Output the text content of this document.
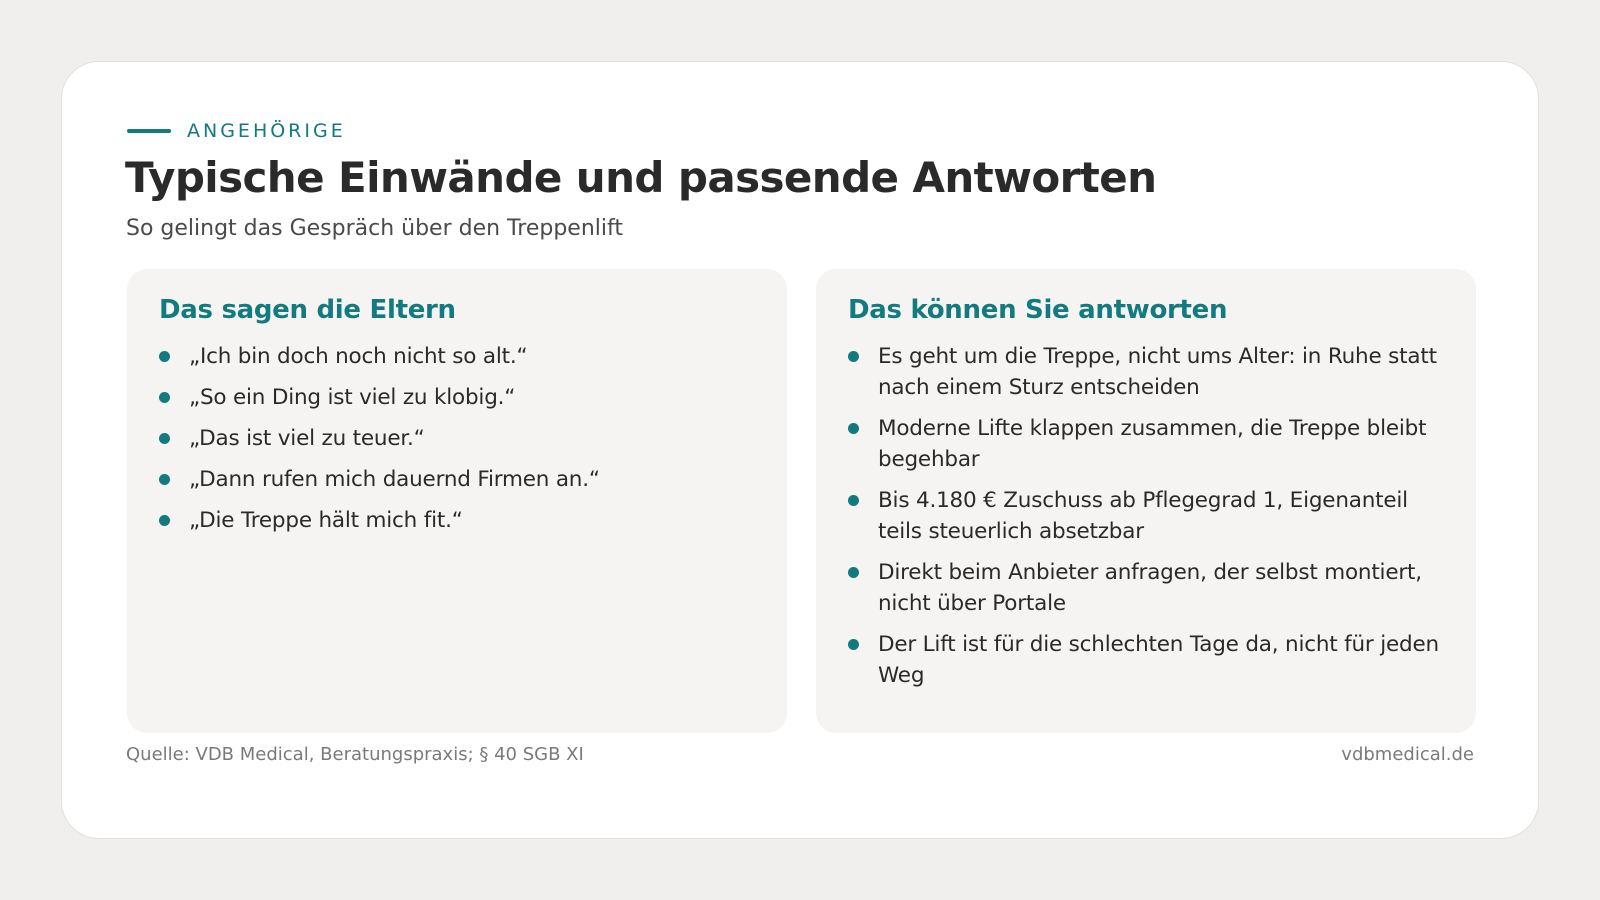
ANGEHÖRIGE
Typische Einwände und passende Antworten
So gelingt das Gespräch über den Treppenlift
Das sagen die Eltern
„Ich bin doch noch nicht so alt.“
„So ein Ding ist viel zu klobig.“
„Das ist viel zu teuer.“
„Dann rufen mich dauernd Firmen an.“
„Die Treppe hält mich fit.“
Das können Sie antworten
Es geht um die Treppe, nicht ums Alter: in Ruhe statt nach einem Sturz entscheiden
Moderne Lifte klappen zusammen, die Treppe bleibt begehbar
Bis 4.180 € Zuschuss ab Pflegegrad 1, Eigenanteil teils steuerlich absetzbar
Direkt beim Anbieter anfragen, der selbst montiert, nicht über Portale
Der Lift ist für die schlechten Tage da, nicht für jeden Weg
Quelle: VDB Medical, Beratungspraxis; § 40 SGB XI	vdbmedical.de
